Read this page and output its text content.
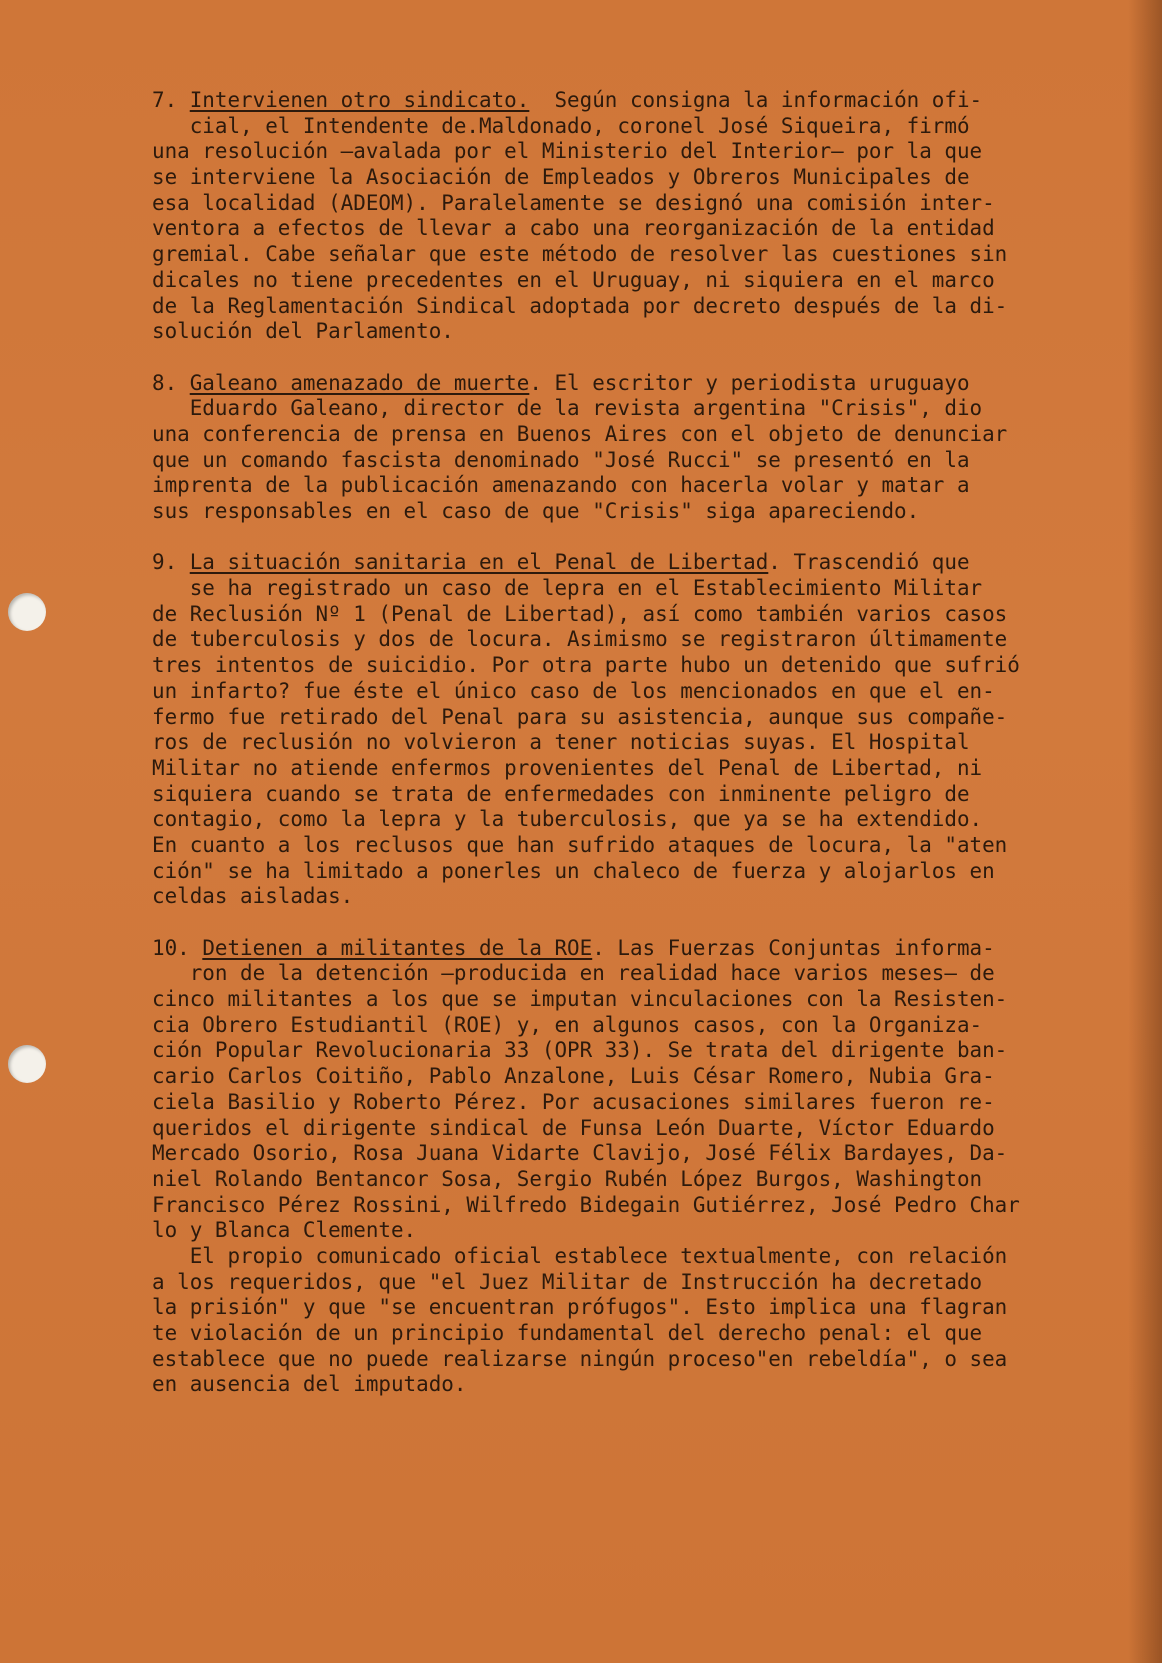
7. Intervienen otro sindicato.  Según consigna la información ofi-
cial, el Intendente de.Maldonado, coronel José Siqueira, firmó
una resolución —avalada por el Ministerio del Interior— por la que
se interviene la Asociación de Empleados y Obreros Municipales de
esa localidad (ADEOM). Paralelamente se designó una comisión inter-
ventora a efectos de llevar a cabo una reorganización de la entidad
gremial. Cabe señalar que este método de resolver las cuestiones sin
dicales no tiene precedentes en el Uruguay, ni siquiera en el marco
de la Reglamentación Sindical adoptada por decreto después de la di-
solución del Parlamento.
8. Galeano amenazado de muerte. El escritor y periodista uruguayo
Eduardo Galeano, director de la revista argentina "Crisis", dio
una conferencia de prensa en Buenos Aires con el objeto de denunciar
que un comando fascista denominado "José Rucci" se presentó en la
imprenta de la publicación amenazando con hacerla volar y matar a
sus responsables en el caso de que "Crisis" siga apareciendo.
9. La situación sanitaria en el Penal de Libertad. Trascendió que
se ha registrado un caso de lepra en el Establecimiento Militar
de Reclusión Nº 1 (Penal de Libertad), así como también varios casos
de tuberculosis y dos de locura. Asimismo se registraron últimamente
tres intentos de suicidio. Por otra parte hubo un detenido que sufrió
un infarto? fue éste el único caso de los mencionados en que el en-
fermo fue retirado del Penal para su asistencia, aunque sus compañe-
ros de reclusión no volvieron a tener noticias suyas. El Hospital
Militar no atiende enfermos provenientes del Penal de Libertad, ni
siquiera cuando se trata de enfermedades con inminente peligro de
contagio, como la lepra y la tuberculosis, que ya se ha extendido.
En cuanto a los reclusos que han sufrido ataques de locura, la "aten
ción" se ha limitado a ponerles un chaleco de fuerza y alojarlos en
celdas aisladas.
10. Detienen a militantes de la ROE. Las Fuerzas Conjuntas informa-
ron de la detención —producida en realidad hace varios meses— de
cinco militantes a los que se imputan vinculaciones con la Resisten-
cia Obrero Estudiantil (ROE) y, en algunos casos, con la Organiza-
ción Popular Revolucionaria 33 (OPR 33). Se trata del dirigente ban-
cario Carlos Coitiño, Pablo Anzalone, Luis César Romero, Nubia Gra-
ciela Basilio y Roberto Pérez. Por acusaciones similares fueron re-
queridos el dirigente sindical de Funsa León Duarte, Víctor Eduardo
Mercado Osorio, Rosa Juana Vidarte Clavijo, José Félix Bardayes, Da-
niel Rolando Bentancor Sosa, Sergio Rubén López Burgos, Washington
Francisco Pérez Rossini, Wilfredo Bidegain Gutiérrez, José Pedro Char
lo y Blanca Clemente.
El propio comunicado oficial establece textualmente, con relación
a los requeridos, que "el Juez Militar de Instrucción ha decretado
la prisión" y que "se encuentran prófugos". Esto implica una flagran
te violación de un principio fundamental del derecho penal: el que
establece que no puede realizarse ningún proceso"en rebeldía", o sea
en ausencia del imputado.
